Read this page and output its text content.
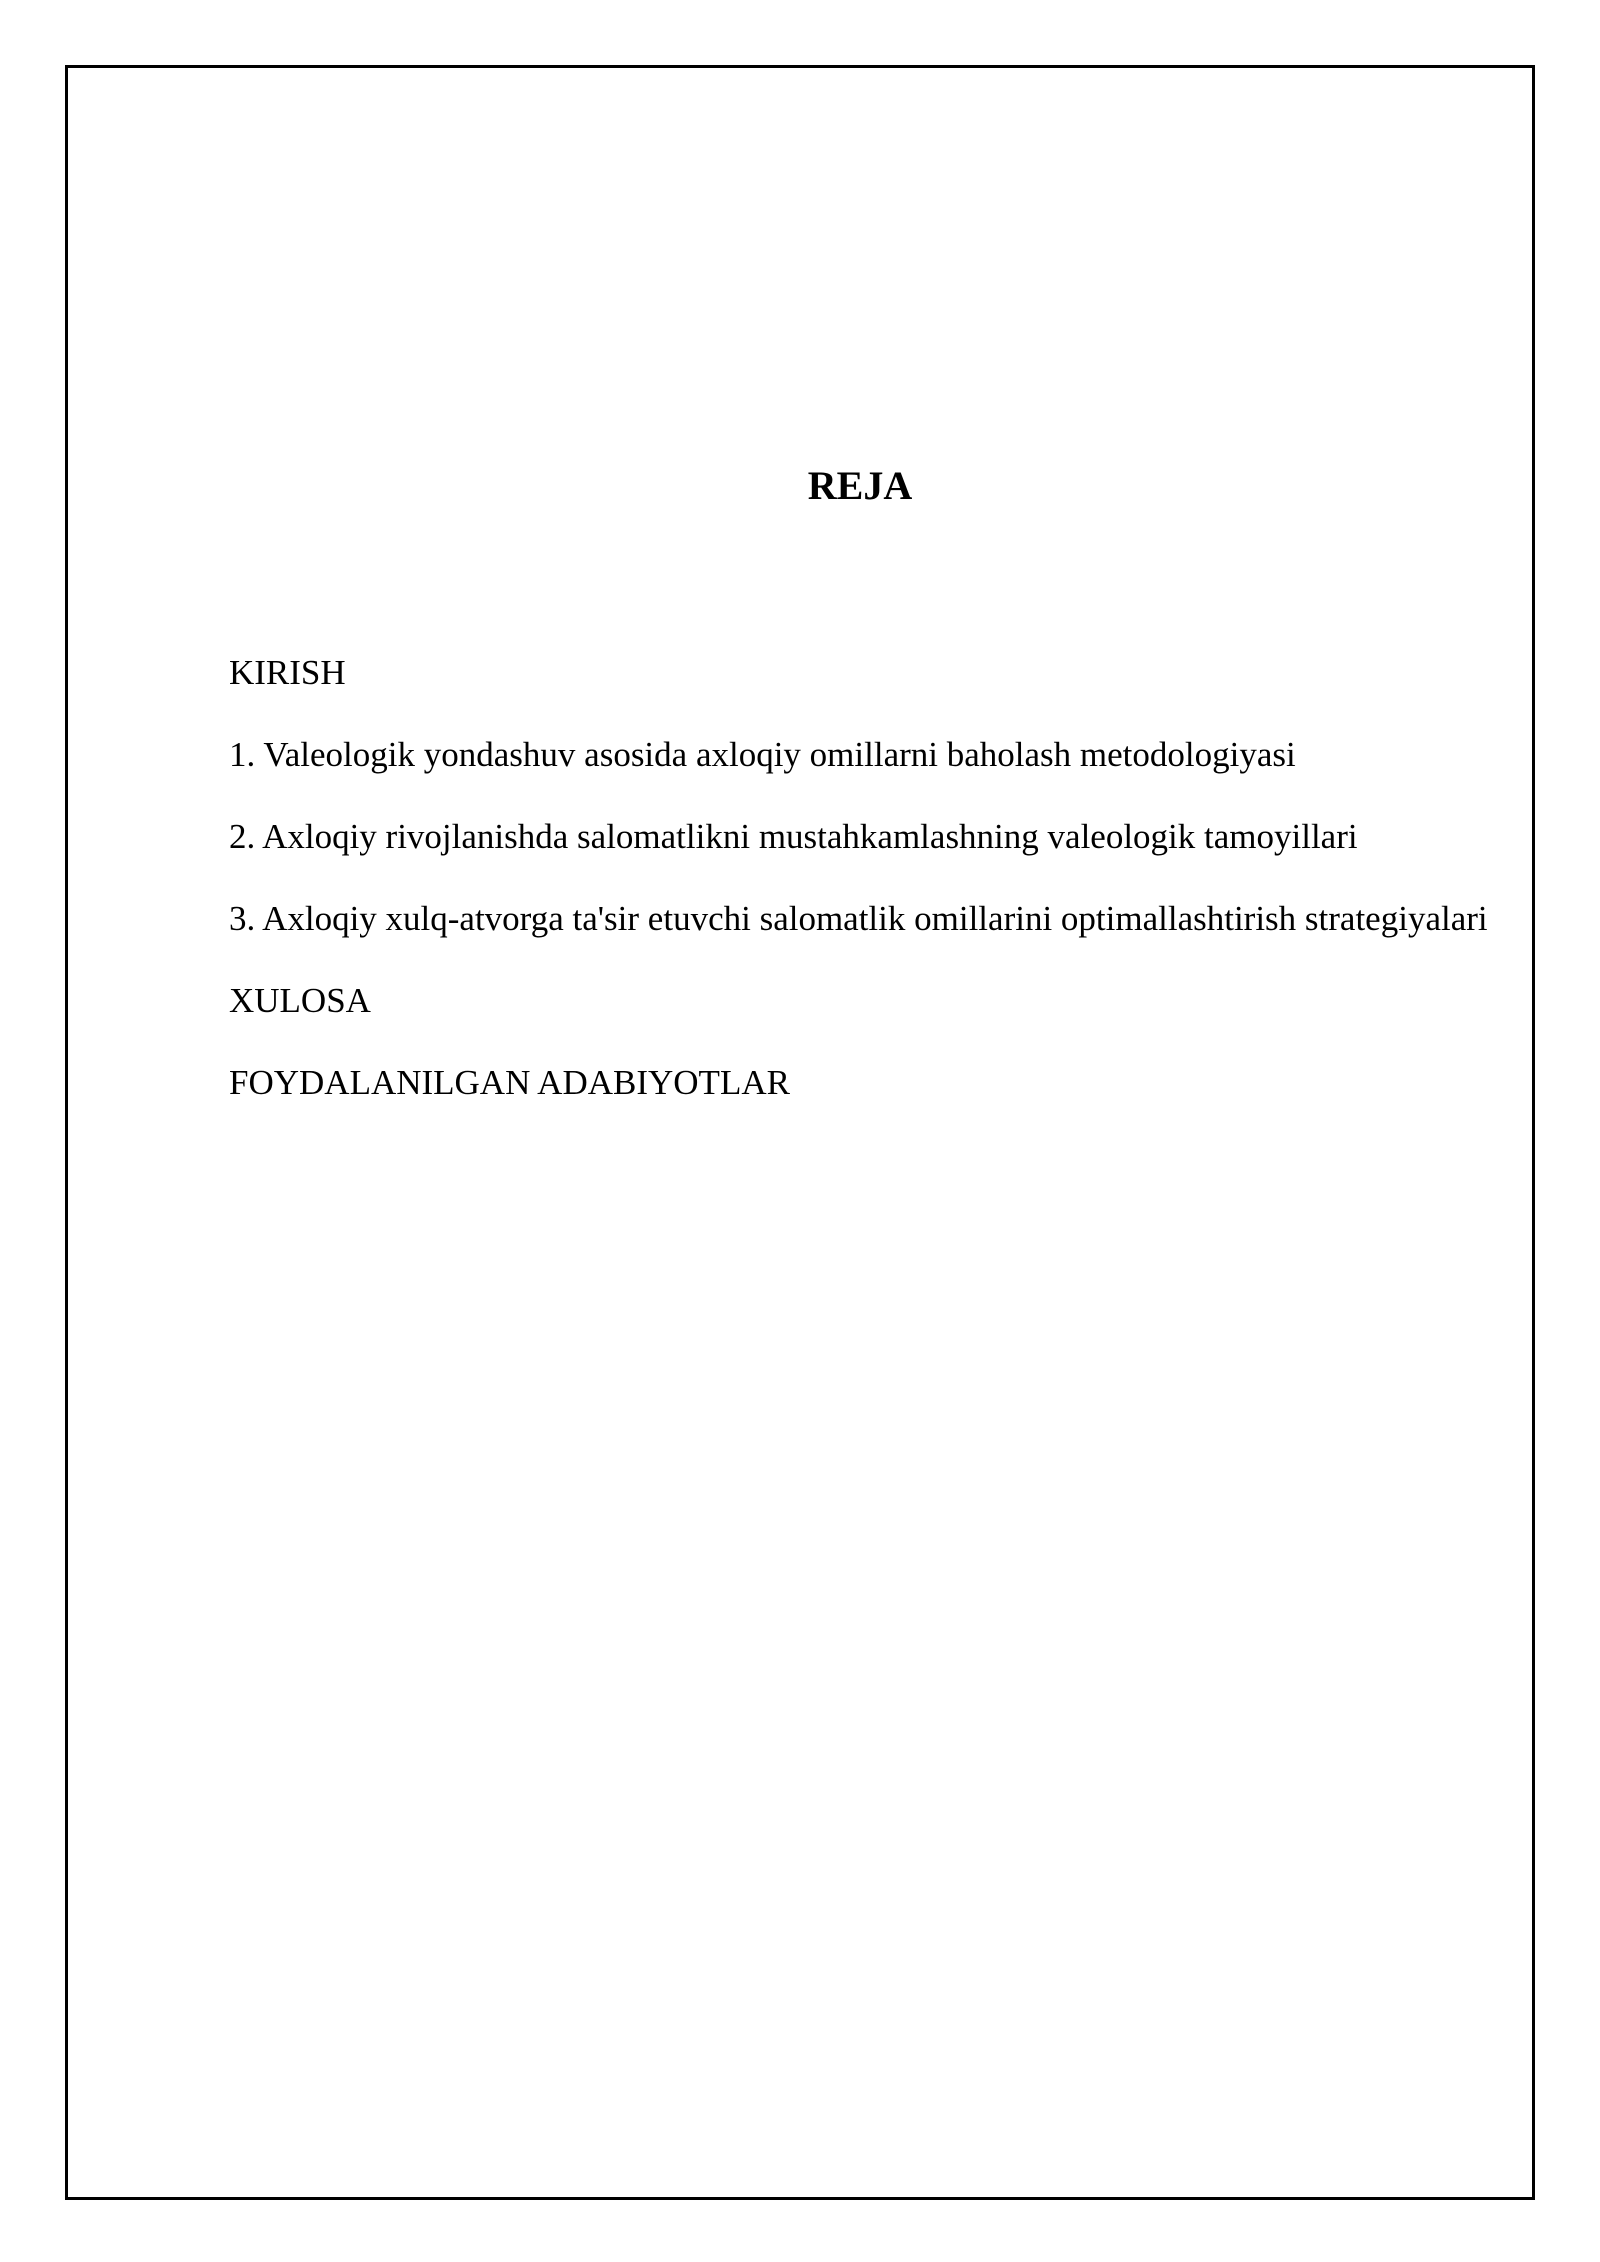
REJA
KIRISH
1. Valeologik yondashuv asosida axloqiy omillarni baholash metodologiyasi
2. Axloqiy rivojlanishda salomatlikni mustahkamlashning valeologik tamoyillari
3. Axloqiy xulq-atvorga ta'sir etuvchi salomatlik omillarini optimallashtirish strategiyalari
XULOSA
FOYDALANILGAN ADABIYOTLAR
